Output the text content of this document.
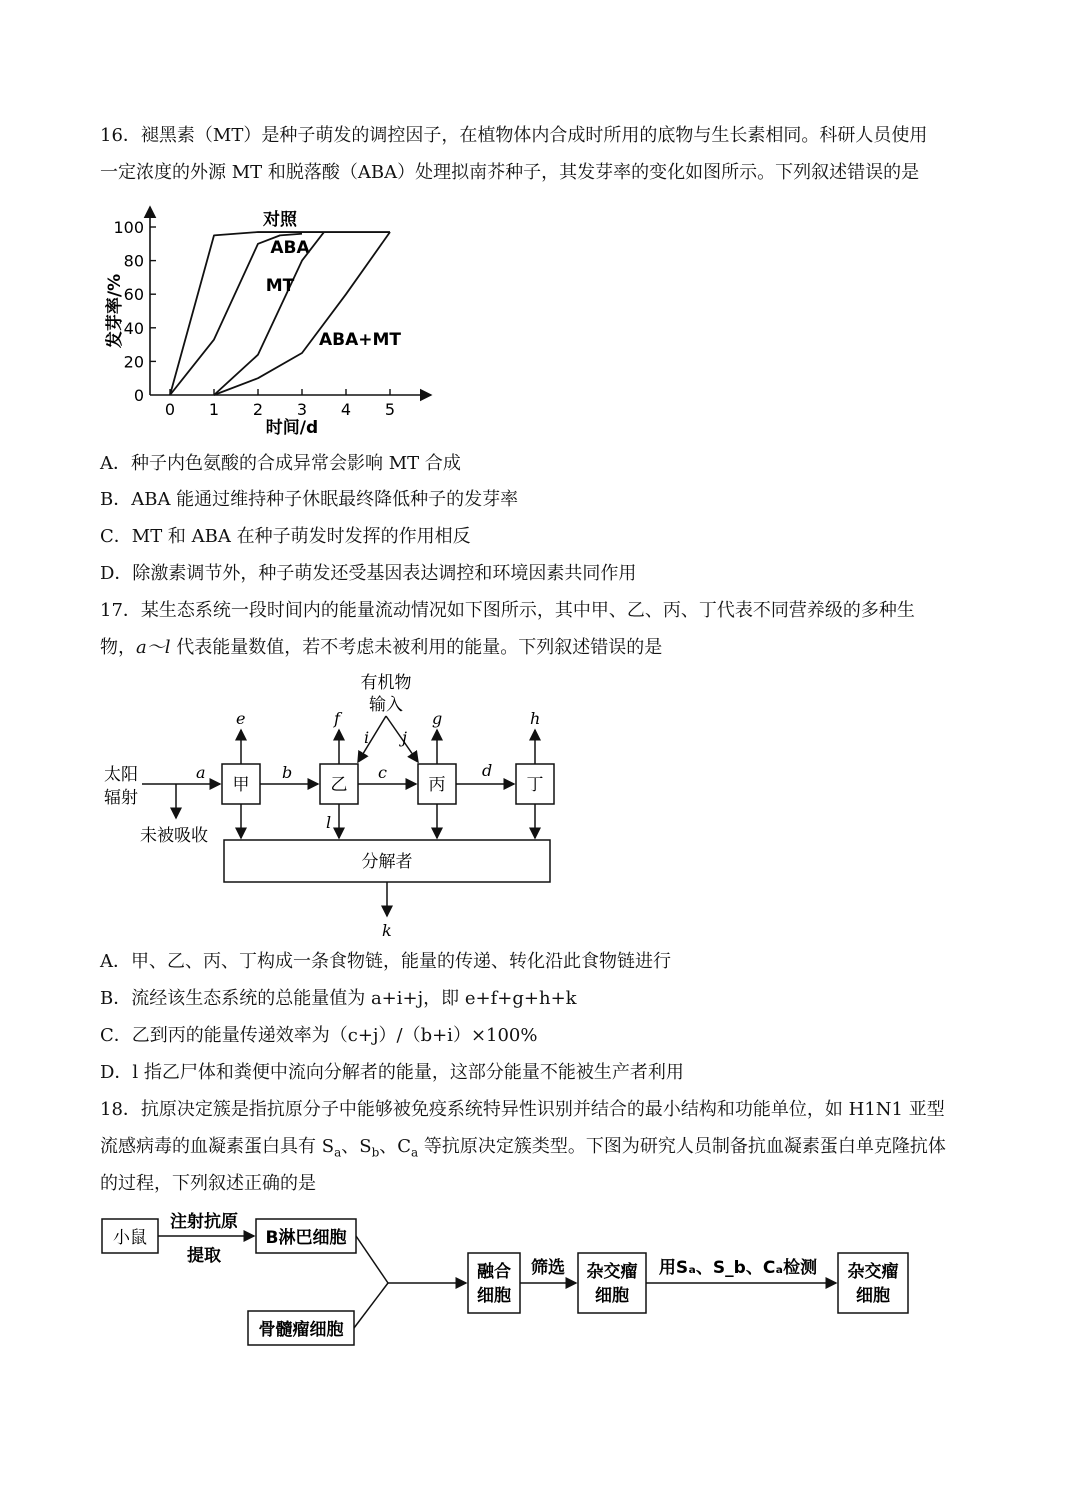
16．褪黑素（MT）是种子萌发的调控因子，在植物体内合成时所用的底物与生长素相同。科研人员使用
一定浓度的外源 MT 和脱落酸（ABA）处理拟南芥种子，其发芽率的变化如图所示。下列叙述错误的是
0
20
40
60
80
100
0 1 2 3 4 5
时间/d
发芽率/%
对照
ABA
MT
ABA+MT
A．种子内色氨酸的合成异常会影响 MT 合成
B．ABA 能通过维持种子休眠最终降低种子的发芽率
C．MT 和 ABA 在种子萌发时发挥的作用相反
D．除激素调节外，种子萌发还受基因表达调控和环境因素共同作用
17．某生态系统一段时间内的能量流动情况如下图所示，其中甲、乙、丙、丁代表不同营养级的多种生
物，a～l 代表能量数值，若不考虑未被利用的能量。下列叙述错误的是
有机物
输入
i j
太阳
辐射
a
未被吸收
甲	乙	丙	丁
b	c	d
e	f	g	h
l
分解者
k
A．甲、乙、丙、丁构成一条食物链，能量的传递、转化沿此食物链进行
B．流经该生态系统的总能量值为 a+i+j，即 e+f+g+h+k
C．乙到丙的能量传递效率为（c+j）/（b+i）×100%
D．l 指乙尸体和粪便中流向分解者的能量，这部分能量不能被生产者利用
18．抗原决定簇是指抗原分子中能够被免疫系统特异性识别并结合的最小结构和功能单位，如 H1N1 亚型
流感病毒的血凝素蛋白具有 $S_a$、$S_b$、$C_a$ 等抗原决定簇类型。下图为研究人员制备抗血凝素蛋白单克隆抗体
的过程，下列叙述正确的是
小鼠
注射抗原
提取
B淋巴细胞
骨髓瘤细胞
融合
细胞
筛选 杂交瘤
细胞
用Sₐ、S_b、Cₐ检测 杂交瘤
细胞
